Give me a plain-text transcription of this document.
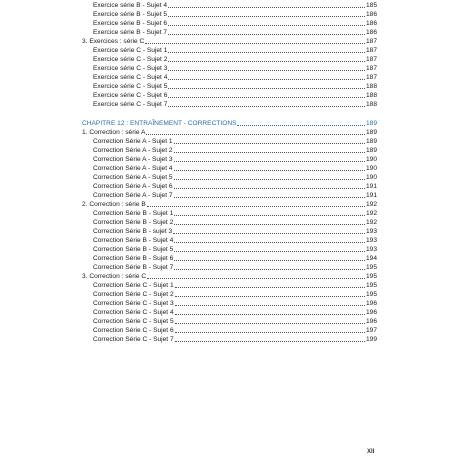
Exercice série B - Sujet 4	185
Exercice série B - Sujet 5	186
Exercice série B - Sujet 6	186
Exercice série B - Sujet 7	186
3. Exercices : série C	187
Exercice série C - Sujet 1	187
Exercice série C - Sujet 2	187
Exercice série C - Sujet 3	187
Exercice série C - Sujet 4	187
Exercice série C - Sujet 5	188
Exercice série C - Sujet 6	188
Exercice série C - Sujet 7	188
CHAPITRE 12 : ENTRAÎNEMENT - CORRECTIONS	189
1. Correction : série A	189
Correction Série A - Sujet 1	189
Correction Série A - Sujet 2	189
Correction Série A - Sujet 3	190
Correction Série A - Sujet 4	190
Correction Série A - Sujet 5	190
Correction Série A - Sujet 6	191
Correction Série A - Sujet 7	191
2. Correction : série B	192
Correction Série B - Sujet 1	192
Correction Série B - Sujet 2	192
Correction Série B - sujet 3	193
Correction Série B - Sujet 4	193
Correction Série B - Sujet 5	193
Correction Série B - Sujet 6	194
Correction Série B - Sujet 7	195
3. Correction : série C	195
Correction Série C - Sujet 1	195
Correction Série C - Sujet 2	195
Correction Série C - Sujet 3	196
Correction Série C - Sujet 4	196
Correction Série C - Sujet 5	196
Correction Série C - Sujet 6	197
Correction Série C - Sujet 7	199
XII
